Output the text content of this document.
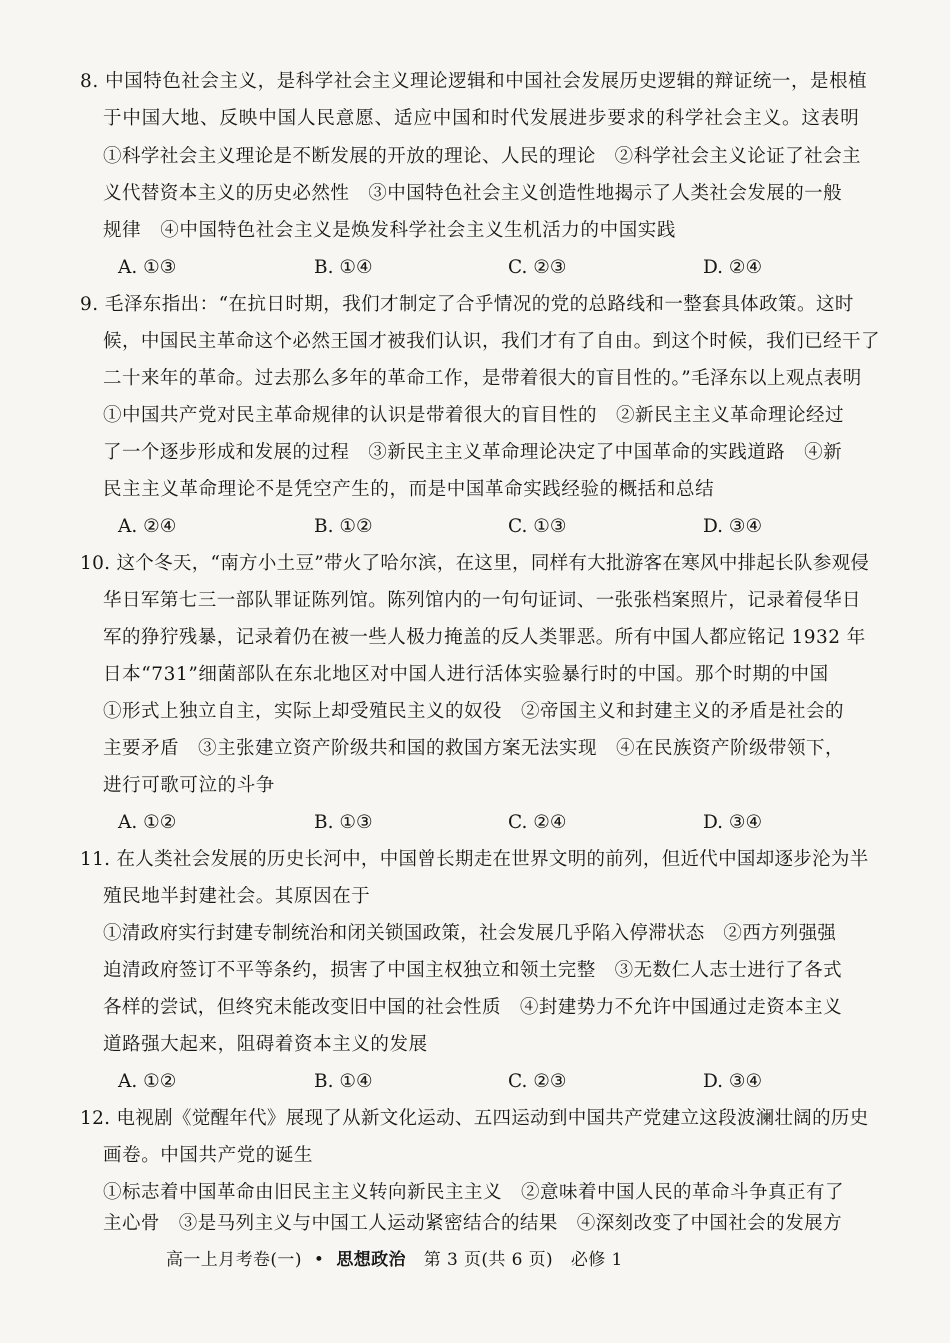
8. 中国特色社会主义，是科学社会主义理论逻辑和中国社会发展历史逻辑的辩证统一，是根植
于中国大地、反映中国人民意愿、适应中国和时代发展进步要求的科学社会主义。这表明
①科学社会主义理论是不断发展的开放的理论、人民的理论　②科学社会主义论证了社会主
义代替资本主义的历史必然性　③中国特色社会主义创造性地揭示了人类社会发展的一般
规律　④中国特色社会主义是焕发科学社会主义生机活力的中国实践
A. ①③	B. ①④	C. ②③	D. ②④
9. 毛泽东指出：“在抗日时期，我们才制定了合乎情况的党的总路线和一整套具体政策。这时
候，中国民主革命这个必然王国才被我们认识，我们才有了自由。到这个时候，我们已经干了
二十来年的革命。过去那么多年的革命工作，是带着很大的盲目性的。”毛泽东以上观点表明
①中国共产党对民主革命规律的认识是带着很大的盲目性的　②新民主主义革命理论经过
了一个逐步形成和发展的过程　③新民主主义革命理论决定了中国革命的实践道路　④新
民主主义革命理论不是凭空产生的，而是中国革命实践经验的概括和总结
A. ②④	B. ①②	C. ①③	D. ③④
10. 这个冬天，“南方小土豆”带火了哈尔滨，在这里，同样有大批游客在寒风中排起长队参观侵
华日军第七三一部队罪证陈列馆。陈列馆内的一句句证词、一张张档案照片，记录着侵华日
军的狰狞残暴，记录着仍在被一些人极力掩盖的反人类罪恶。所有中国人都应铭记 1932 年
日本“731”细菌部队在东北地区对中国人进行活体实验暴行时的中国。那个时期的中国
①形式上独立自主，实际上却受殖民主义的奴役　②帝国主义和封建主义的矛盾是社会的
主要矛盾　③主张建立资产阶级共和国的救国方案无法实现　④在民族资产阶级带领下，
进行可歌可泣的斗争
A. ①②	B. ①③	C. ②④	D. ③④
11. 在人类社会发展的历史长河中，中国曾长期走在世界文明的前列，但近代中国却逐步沦为半
殖民地半封建社会。其原因在于
①清政府实行封建专制统治和闭关锁国政策，社会发展几乎陷入停滞状态　②西方列强强
迫清政府签订不平等条约，损害了中国主权独立和领土完整　③无数仁人志士进行了各式
各样的尝试，但终究未能改变旧中国的社会性质　④封建势力不允许中国通过走资本主义
道路强大起来，阻碍着资本主义的发展
A. ①②	B. ①④	C. ②③	D. ③④
12. 电视剧《觉醒年代》展现了从新文化运动、五四运动到中国共产党建立这段波澜壮阔的历史
画卷。中国共产党的诞生
①标志着中国革命由旧民主主义转向新民主主义　②意味着中国人民的革命斗争真正有了
主心骨　③是马列主义与中国工人运动紧密结合的结果　④深刻改变了中国社会的发展方
高一上月考卷(一) • 思想政治 第 3 页(共 6 页) 必修 1
